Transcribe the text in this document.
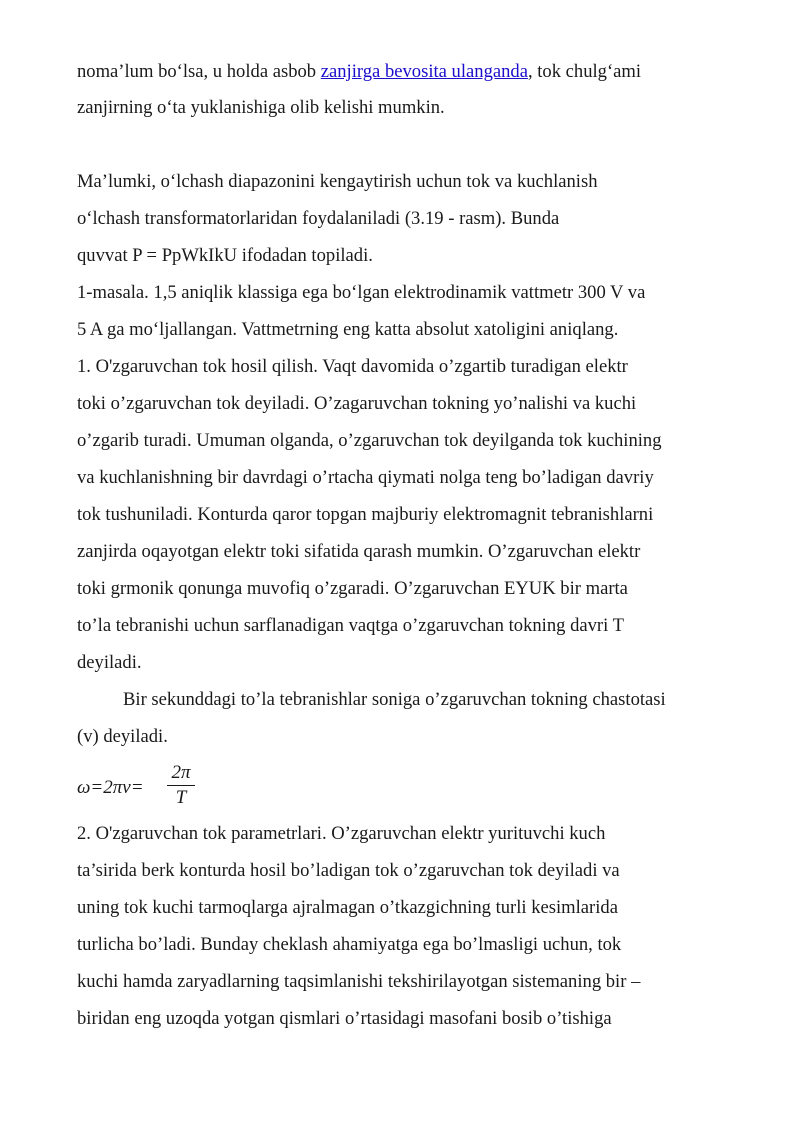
noma’lum bo‘lsa, u holda asbob zanjirga bevosita ulanganda, tok chulg‘ami
zanjirning o‘ta yuklanishiga olib kelishi mumkin.
Ma’lumki, o‘lchash diapazonini kengaytirish uchun tok va kuchlanish
o‘lchash transformatorlaridan foydalaniladi (3.19 - rasm). Bunda
quvvat P = PpWkIkU ifodadan topiladi.
1-masala. 1,5 aniqlik klassiga ega bo‘lgan elektrodinamik vattmetr 300 V va
5 A ga mo‘ljallangan. Vattmetrning eng katta absolut xatoligini aniqlang.
1. O'zgaruvchan tok hosil qilish. Vaqt davomida o’zgartib turadigan elektr
toki o’zgaruvchan tok deyiladi. O’zagaruvchan tokning yo’nalishi va kuchi
o’zgarib turadi. Umuman olganda, o’zgaruvchan tok deyilganda tok kuchining
va kuchlanishning bir davrdagi o’rtacha qiymati nolga teng bo’ladigan davriy
tok tushuniladi. Konturda qaror topgan majburiy elektromagnit tebranishlarni
zanjirda oqayotgan elektr toki sifatida qarash mumkin. O’zgaruvchan elektr
toki grmonik qonunga muvofiq o’zgaradi. O’zgaruvchan EYUK bir marta
to’la tebranishi uchun sarflanadigan vaqtga o’zgaruvchan tokning davri T
deyiladi.
Bir sekunddagi to’la tebranishlar soniga o’zgaruvchan tokning chastotasi
(v) deyiladi.
ω=2πv=
2π
T
2. O'zgaruvchan tok parametrlari. O’zgaruvchan elektr yurituvchi kuch
ta’sirida berk konturda hosil bo’ladigan tok o’zgaruvchan tok deyiladi va
uning tok kuchi tarmoqlarga ajralmagan o’tkazgichning turli kesimlarida
turlicha bo’ladi. Bunday cheklash ahamiyatga ega bo’lmasligi uchun, tok
kuchi hamda zaryadlarning taqsimlanishi tekshirilayotgan sistemaning bir –
biridan eng uzoqda yotgan qismlari o’rtasidagi masofani bosib o’tishiga
